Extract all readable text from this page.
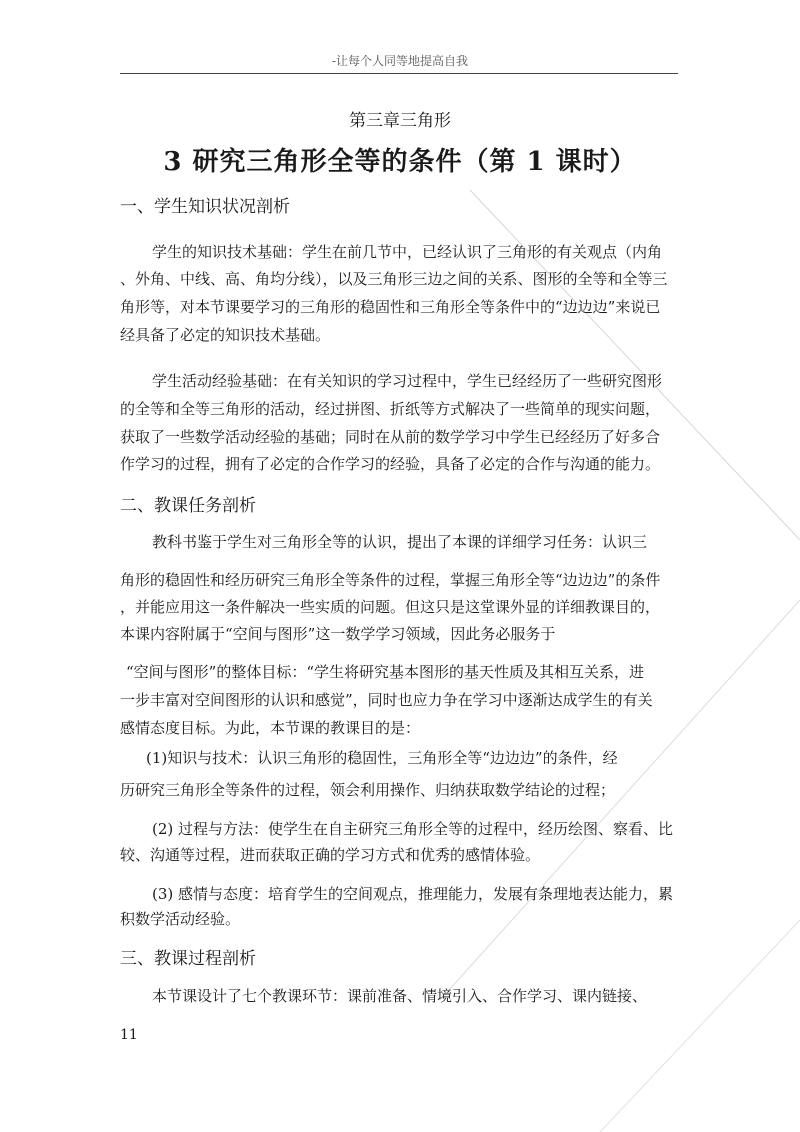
-让每个人同等地提高自我
第三章三角形
3 研究三角形全等的条件（第 1 课时）
一、学生知识状况剖析
学生的知识技术基础：学生在前几节中，已经认识了三角形的有关观点（内角
、外角、中线、高、角均分线），以及三角形三边之间的关系、图形的全等和全等三
角形等，对本节课要学习的三角形的稳固性和三角形全等条件中的“边边边”来说已
经具备了必定的知识技术基础。
学生活动经验基础：在有关知识的学习过程中，学生已经经历了一些研究图形
的全等和全等三角形的活动，经过拼图、折纸等方式解决了一些简单的现实问题，
获取了一些数学活动经验的基础；同时在从前的数学学习中学生已经经历了好多合
作学习的过程，拥有了必定的合作学习的经验，具备了必定的合作与沟通的能力。
二、教课任务剖析
教科书鉴于学生对三角形全等的认识，提出了本课的详细学习任务：认识三
角形的稳固性和经历研究三角形全等条件的过程，掌握三角形全等“边边边”的条件
，并能应用这一条件解决一些实质的问题。但这只是这堂课外显的详细教课目的，
本课内容附属于“空间与图形”这一数学学习领域，因此务必服务于
“空间与图形”的整体目标：“学生将研究基本图形的基天性质及其相互关系，进
一步丰富对空间图形的认识和感觉”，同时也应力争在学习中逐渐达成学生的有关
感情态度目标。为此，本节课的教课目的是：
(1)知识与技术：认识三角形的稳固性，三角形全等“边边边”的条件，经
历研究三角形全等条件的过程，领会利用操作、归纳获取数学结论的过程；
(2) 过程与方法：使学生在自主研究三角形全等的过程中，经历绘图、察看、比
较、沟通等过程，进而获取正确的学习方式和优秀的感情体验。
(3) 感情与态度：培育学生的空间观点，推理能力，发展有条理地表达能力，累
积数学活动经验。
三、教课过程剖析
本节课设计了七个教课环节：课前准备、情境引入、合作学习、课内链接、
11
